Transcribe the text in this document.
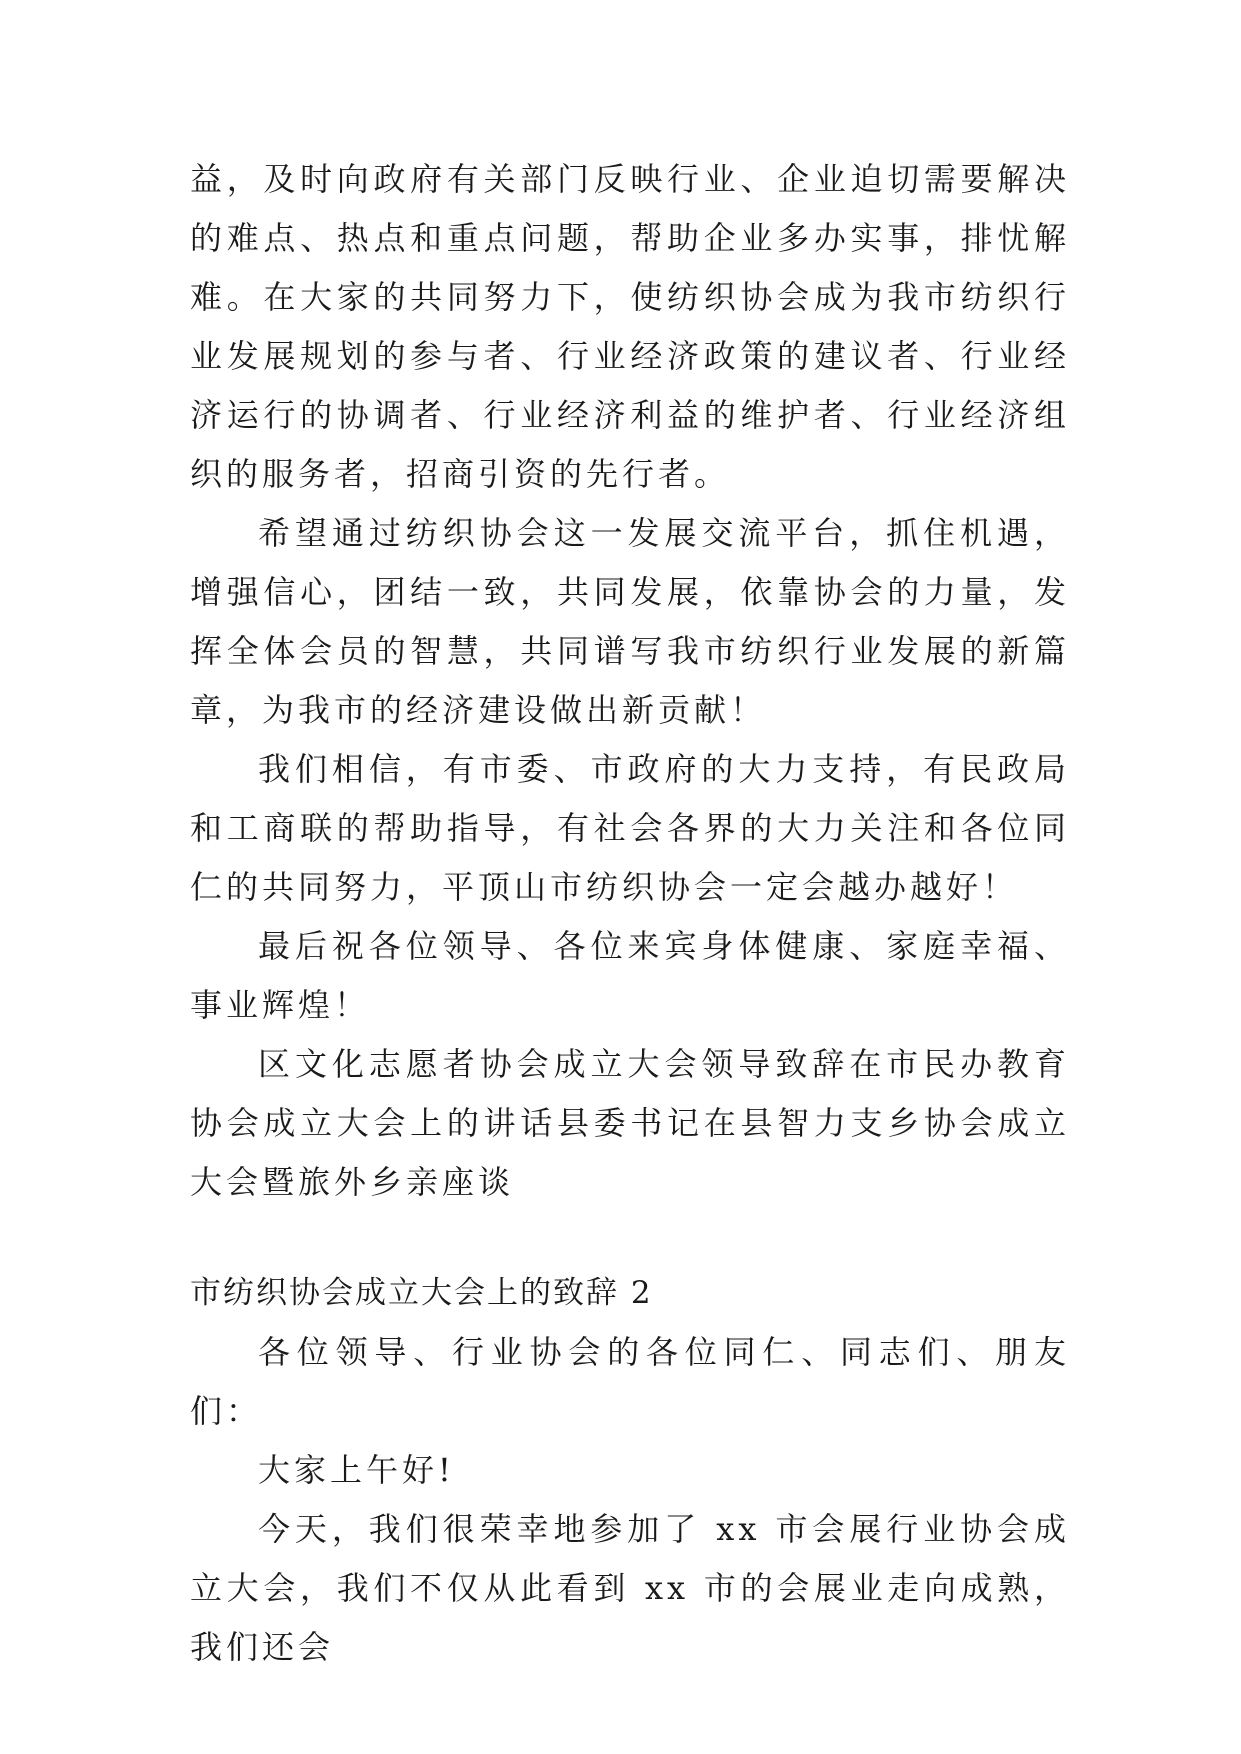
益，及时向政府有关部门反映行业、企业迫切需要解决的难点、热点和重点问题，帮助企业多办实事，排忧解难。在大家的共同努力下，使纺织协会成为我市纺织行业发展规划的参与者、行业经济政策的建议者、行业经济运行的协调者、行业经济利益的维护者、行业经济组织的服务者，招商引资的先行者。

希望通过纺织协会这一发展交流平台，抓住机遇，增强信心，团结一致，共同发展，依靠协会的力量，发挥全体会员的智慧，共同谱写我市纺织行业发展的新篇章，为我市的经济建设做出新贡献！

我们相信，有市委、市政府的大力支持，有民政局和工商联的帮助指导，有社会各界的大力关注和各位同仁的共同努力，平顶山市纺织协会一定会越办越好！

最后祝各位领导、各位来宾身体健康、家庭幸福、事业辉煌！

区文化志愿者协会成立大会领导致辞在市民办教育协会成立大会上的讲话县委书记在县智力支乡协会成立大会暨旅外乡亲座谈

市纺织协会成立大会上的致辞 2

各位领导、行业协会的各位同仁、同志们、朋友们：

大家上午好!

今天，我们很荣幸地参加了 xx 市会展行业协会成立大会，我们不仅从此看到 xx 市的会展业走向成熟，我们还会
